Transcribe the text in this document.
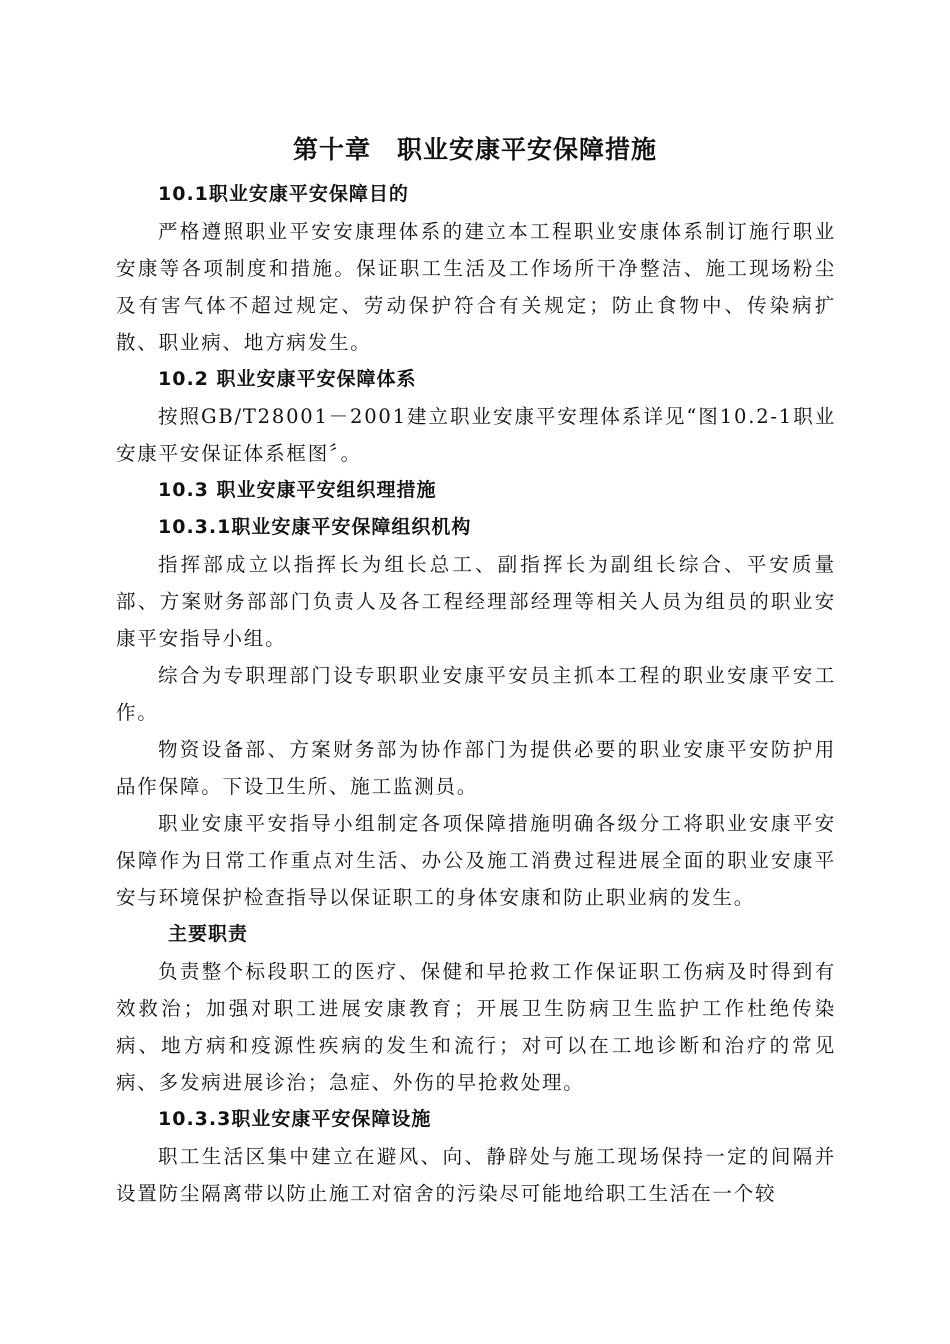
第十章 职业安康平安保障措施

10.1职业安康平安保障目的

严格遵照职业平安安康理体系的建立本工程职业安康体系制订施行职业安康等各项制度和措施。保证职工生活及工作场所干净整洁、施工现场粉尘及有害气体不超过规定、劳动保护符合有关规定；防止食物中、传染病扩散、职业病、地方病发生。

10.2 职业安康平安保障体系

按照GB/T28001－2001建立职业安康平安理体系详见“图10.2-1职业安康平安保证体系框图〞。

10.3 职业安康平安组织理措施

10.3.1职业安康平安保障组织机构

指挥部成立以指挥长为组长总工、副指挥长为副组长综合、平安质量部、方案财务部部门负责人及各工程经理部经理等相关人员为组员的职业安康平安指导小组。

综合为专职理部门设专职职业安康平安员主抓本工程的职业安康平安工作。

物资设备部、方案财务部为协作部门为提供必要的职业安康平安防护用品作保障。下设卫生所、施工监测员。

职业安康平安指导小组制定各项保障措施明确各级分工将职业安康平安保障作为日常工作重点对生活、办公及施工消费过程进展全面的职业安康平安与环境保护检查指导以保证职工的身体安康和防止职业病的发生。

主要职责

负责整个标段职工的医疗、保健和早抢救工作保证职工伤病及时得到有效救治；加强对职工进展安康教育；开展卫生防病卫生监护工作杜绝传染病、地方病和疫源性疾病的发生和流行；对可以在工地诊断和治疗的常见病、多发病进展诊治；急症、外伤的早抢救处理。

10.3.3职业安康平安保障设施

职工生活区集中建立在避风、向、静辟处与施工现场保持一定的间隔并设置防尘隔离带以防止施工对宿舍的污染尽可能地给职工生活在一个较
